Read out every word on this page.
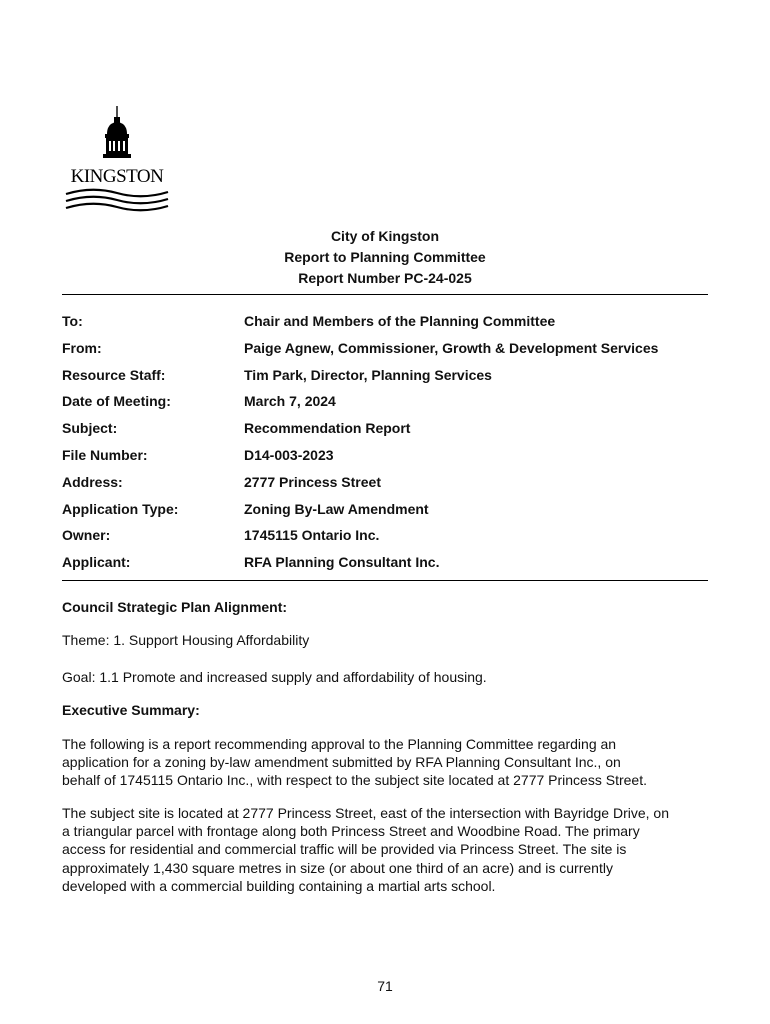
KINGSTON
City of Kingston
Report to Planning Committee
Report Number PC-24-025
To:	Chair and Members of the Planning Committee
From:	Paige Agnew, Commissioner, Growth & Development Services
Resource Staff:	Tim Park, Director, Planning Services
Date of Meeting:	March 7, 2024
Subject:	Recommendation Report
File Number:	D14-003-2023
Address:	2777 Princess Street
Application Type:	Zoning By-Law Amendment
Owner:	1745115 Ontario Inc.
Applicant:	RFA Planning Consultant Inc.
Council Strategic Plan Alignment:
Theme: 1. Support Housing Affordability
Goal: 1.1 Promote and increased supply and affordability of housing.
Executive Summary:
The following is a report recommending approval to the Planning Committee regarding an
application for a zoning by-law amendment submitted by RFA Planning Consultant Inc., on
behalf of 1745115 Ontario Inc., with respect to the subject site located at 2777 Princess Street.
The subject site is located at 2777 Princess Street, east of the intersection with Bayridge Drive, on
a triangular parcel with frontage along both Princess Street and Woodbine Road. The primary
access for residential and commercial traffic will be provided via Princess Street. The site is
approximately 1,430 square metres in size (or about one third of an acre) and is currently
developed with a commercial building containing a martial arts school.
71
